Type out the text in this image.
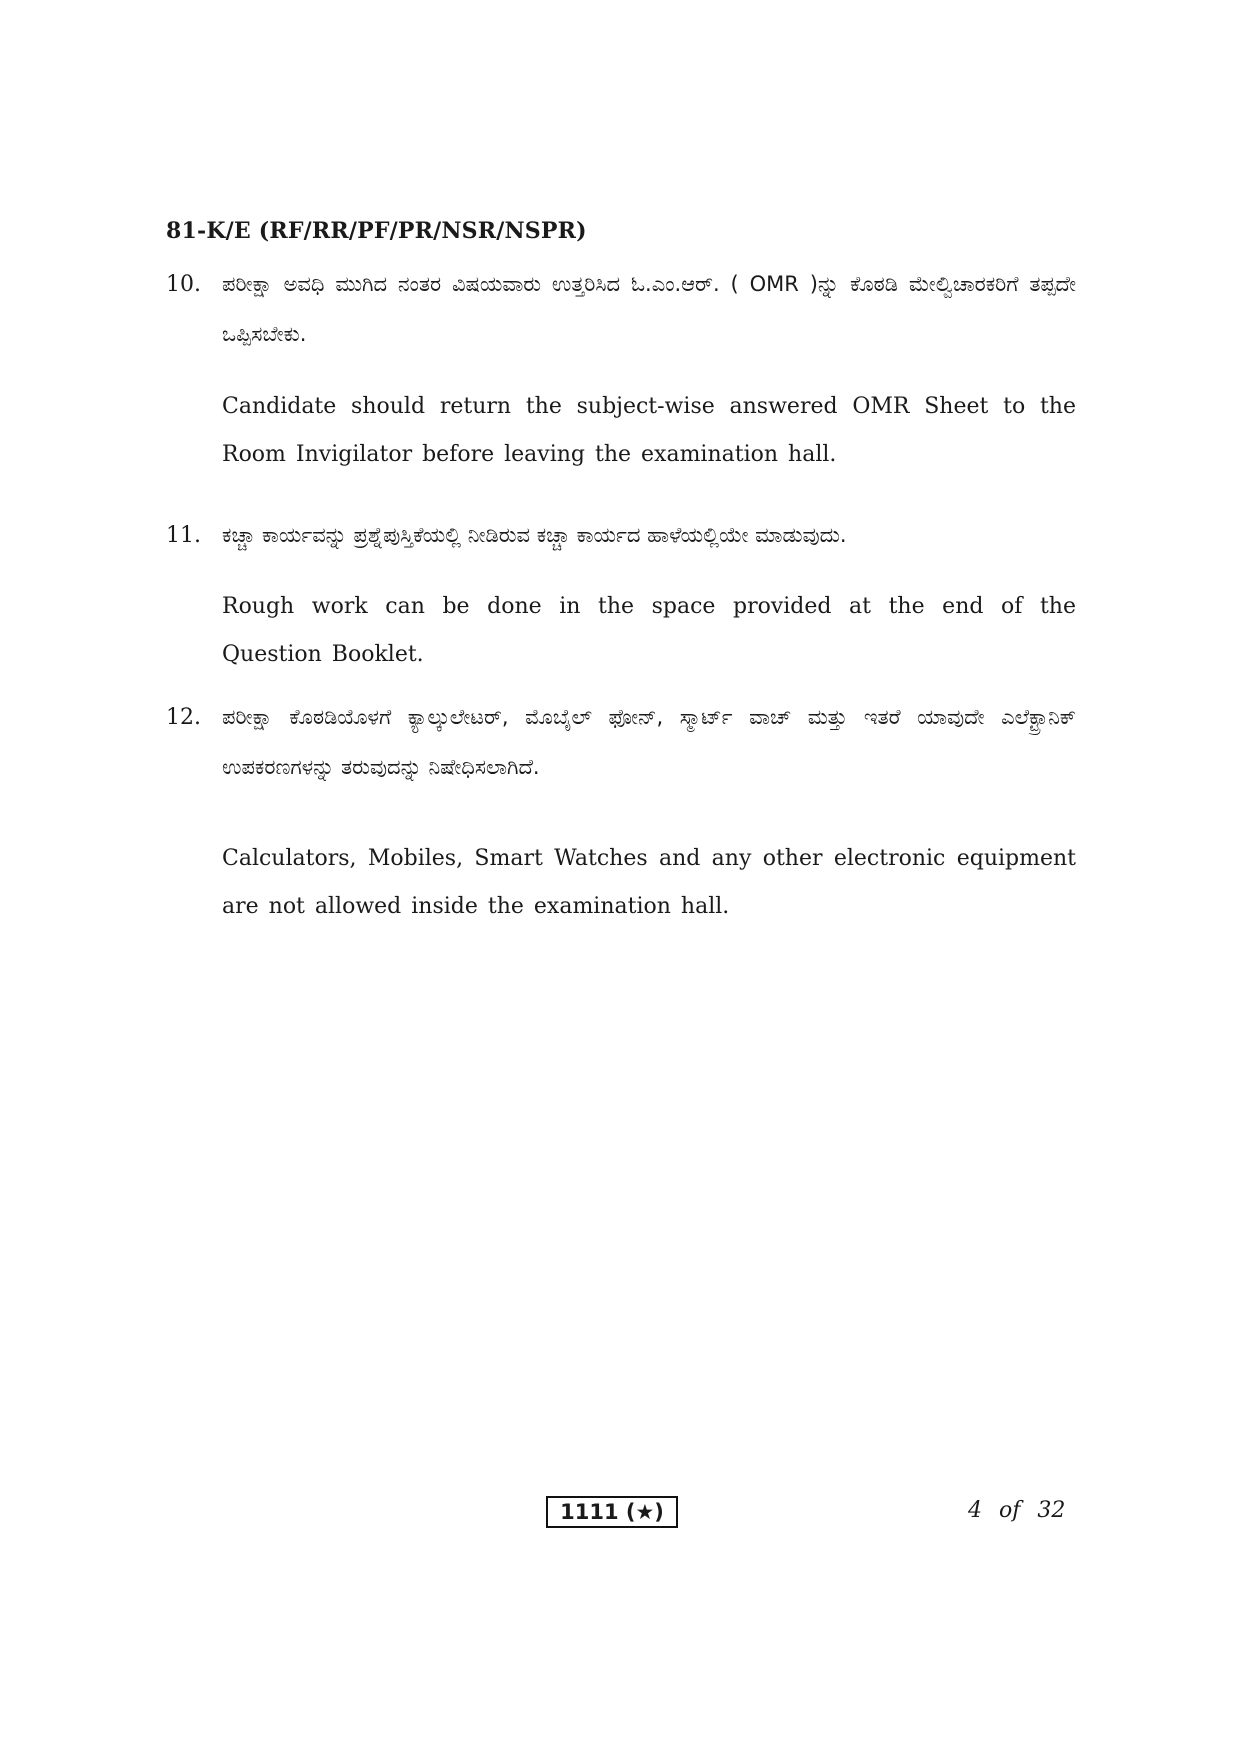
81-K/E (RF/RR/PF/PR/NSR/NSPR)
10. ಪರೀಕ್ಷಾ ಅವಧಿ ಮುಗಿದ ನಂತರ ವಿಷಯವಾರು ಉತ್ತರಿಸಿದ ಓ.ಎಂ.ಆರ್. ( OMR )ನ್ನು ಕೊಠಡಿ ಮೇಲ್ವಿಚಾರಕರಿಗೆ ತಪ್ಪದೇ ಒಪ್ಪಿಸಬೇಕು.
Candidate should return the subject-wise answered OMR Sheet to the Room Invigilator before leaving the examination hall.
11. ಕಚ್ಚಾ ಕಾರ್ಯವನ್ನು ಪ್ರಶ್ನೆಪುಸ್ತಿಕೆಯಲ್ಲಿ ನೀಡಿರುವ ಕಚ್ಚಾ ಕಾರ್ಯದ ಹಾಳೆಯಲ್ಲಿಯೇ ಮಾಡುವುದು.
Rough work can be done in the space provided at the end of the Question Booklet.
12. ಪರೀಕ್ಷಾ ಕೊಠಡಿಯೊಳಗೆ ಕ್ಯಾಲ್ಕುಲೇಟರ್, ಮೊಬೈಲ್ ಫೋನ್, ಸ್ಮಾರ್ಟ್ ವಾಚ್ ಮತ್ತು ಇತರೆ ಯಾವುದೇ ಎಲೆಕ್ಟ್ರಾನಿಕ್ ಉಪಕರಣಗಳನ್ನು ತರುವುದನ್ನು ನಿಷೇಧಿಸಲಾಗಿದೆ.
Calculators, Mobiles, Smart Watches and any other electronic equipment are not allowed inside the examination hall.
1111 (★)	4 of 32
